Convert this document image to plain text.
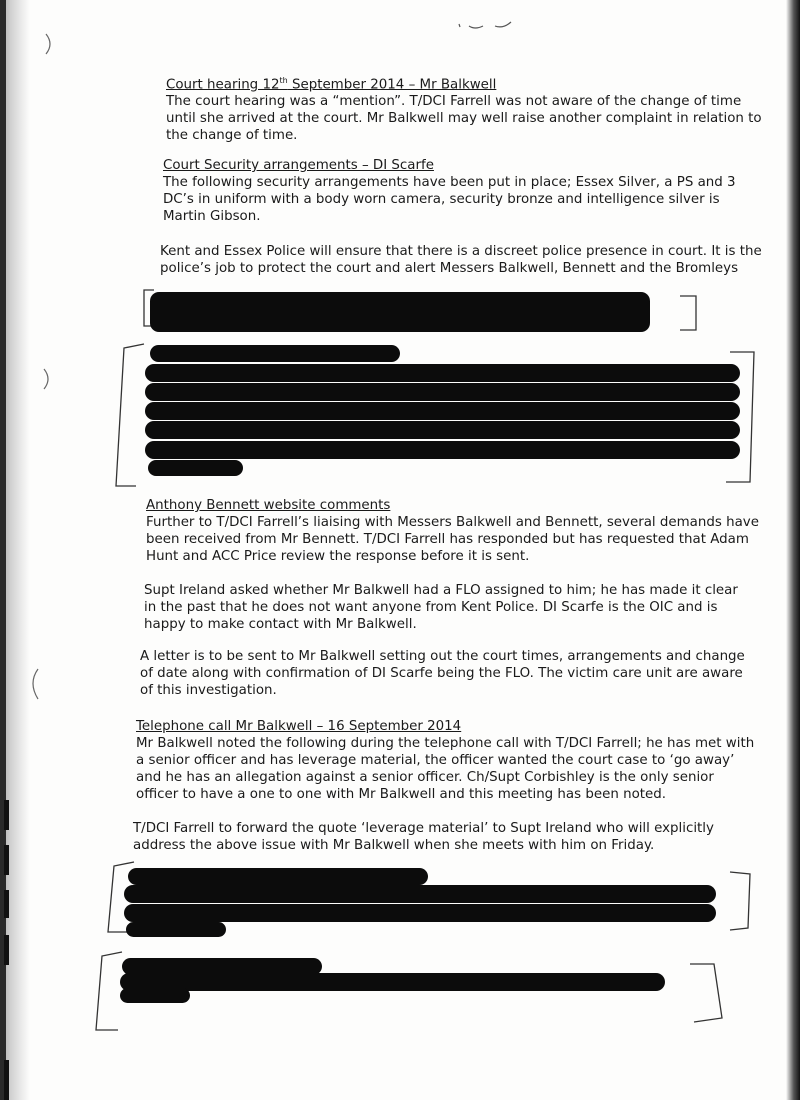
Court hearing 12th September 2014 – Mr Balkwell
The court hearing was a “mention”. T/DCI Farrell was not aware of the change of time until she arrived at the court. Mr Balkwell may well raise another complaint in relation to the change of time.
Court Security arrangements – DI Scarfe
The following security arrangements have been put in place; Essex Silver, a PS and 3 DC’s in uniform with a body worn camera, security bronze and intelligence silver is Martin Gibson.
Kent and Essex Police will ensure that there is a discreet police presence in court. It is the police’s job to protect the court and alert Messers Balkwell, Bennett and the Bromleys
Anthony Bennett website comments
Further to T/DCI Farrell’s liaising with Messers Balkwell and Bennett, several demands have been received from Mr Bennett. T/DCI Farrell has responded but has requested that Adam Hunt and ACC Price review the response before it is sent.
Supt Ireland asked whether Mr Balkwell had a FLO assigned to him; he has made it clear in the past that he does not want anyone from Kent Police. DI Scarfe is the OIC and is happy to make contact with Mr Balkwell.
A letter is to be sent to Mr Balkwell setting out the court times, arrangements and change of date along with confirmation of DI Scarfe being the FLO. The victim care unit are aware of this investigation.
Telephone call Mr Balkwell – 16 September 2014
Mr Balkwell noted the following during the telephone call with T/DCI Farrell; he has met with a senior officer and has leverage material, the officer wanted the court case to ‘go away’ and he has an allegation against a senior officer. Ch/Supt Corbishley is the only senior officer to have a one to one with Mr Balkwell and this meeting has been noted.
T/DCI Farrell to forward the quote ‘leverage material’ to Supt Ireland who will explicitly address the above issue with Mr Balkwell when she meets with him on Friday.
